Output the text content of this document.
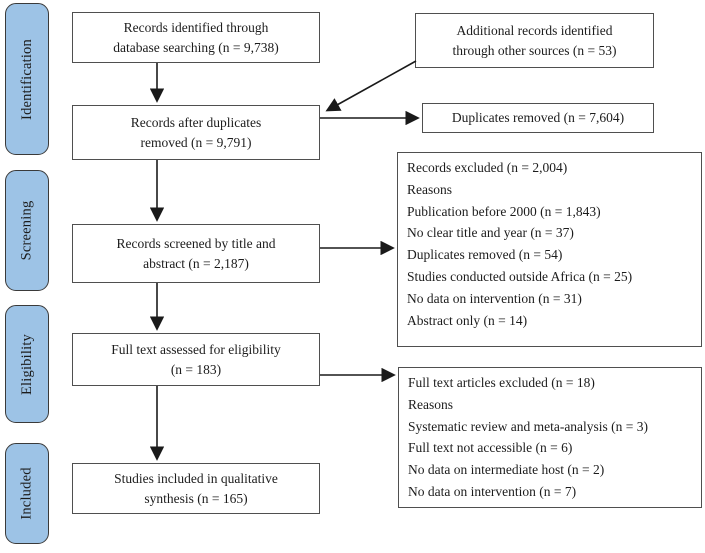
Identification
Screening
Eligibility
Included
Records identified through
database searching (n = 9,738)
Records after duplicates
removed (n = 9,791)
Records screened by title and
abstract (n = 2,187)
Full text assessed for eligibility
(n = 183)
Studies included in qualitative
synthesis (n = 165)
Additional records identified
through other sources (n = 53)
Duplicates removed (n = 7,604)
Records excluded (n = 2,004)
Reasons
Publication before 2000 (n = 1,843)
No clear title and year (n = 37)
Duplicates removed (n = 54)
Studies conducted outside Africa (n = 25)
No data on intervention (n = 31)
Abstract only (n = 14)
Full text articles excluded (n = 18)
Reasons
Systematic review and meta-analysis (n = 3)
Full text not accessible (n = 6)
No data on intermediate host (n = 2)
No data on intervention (n = 7)
